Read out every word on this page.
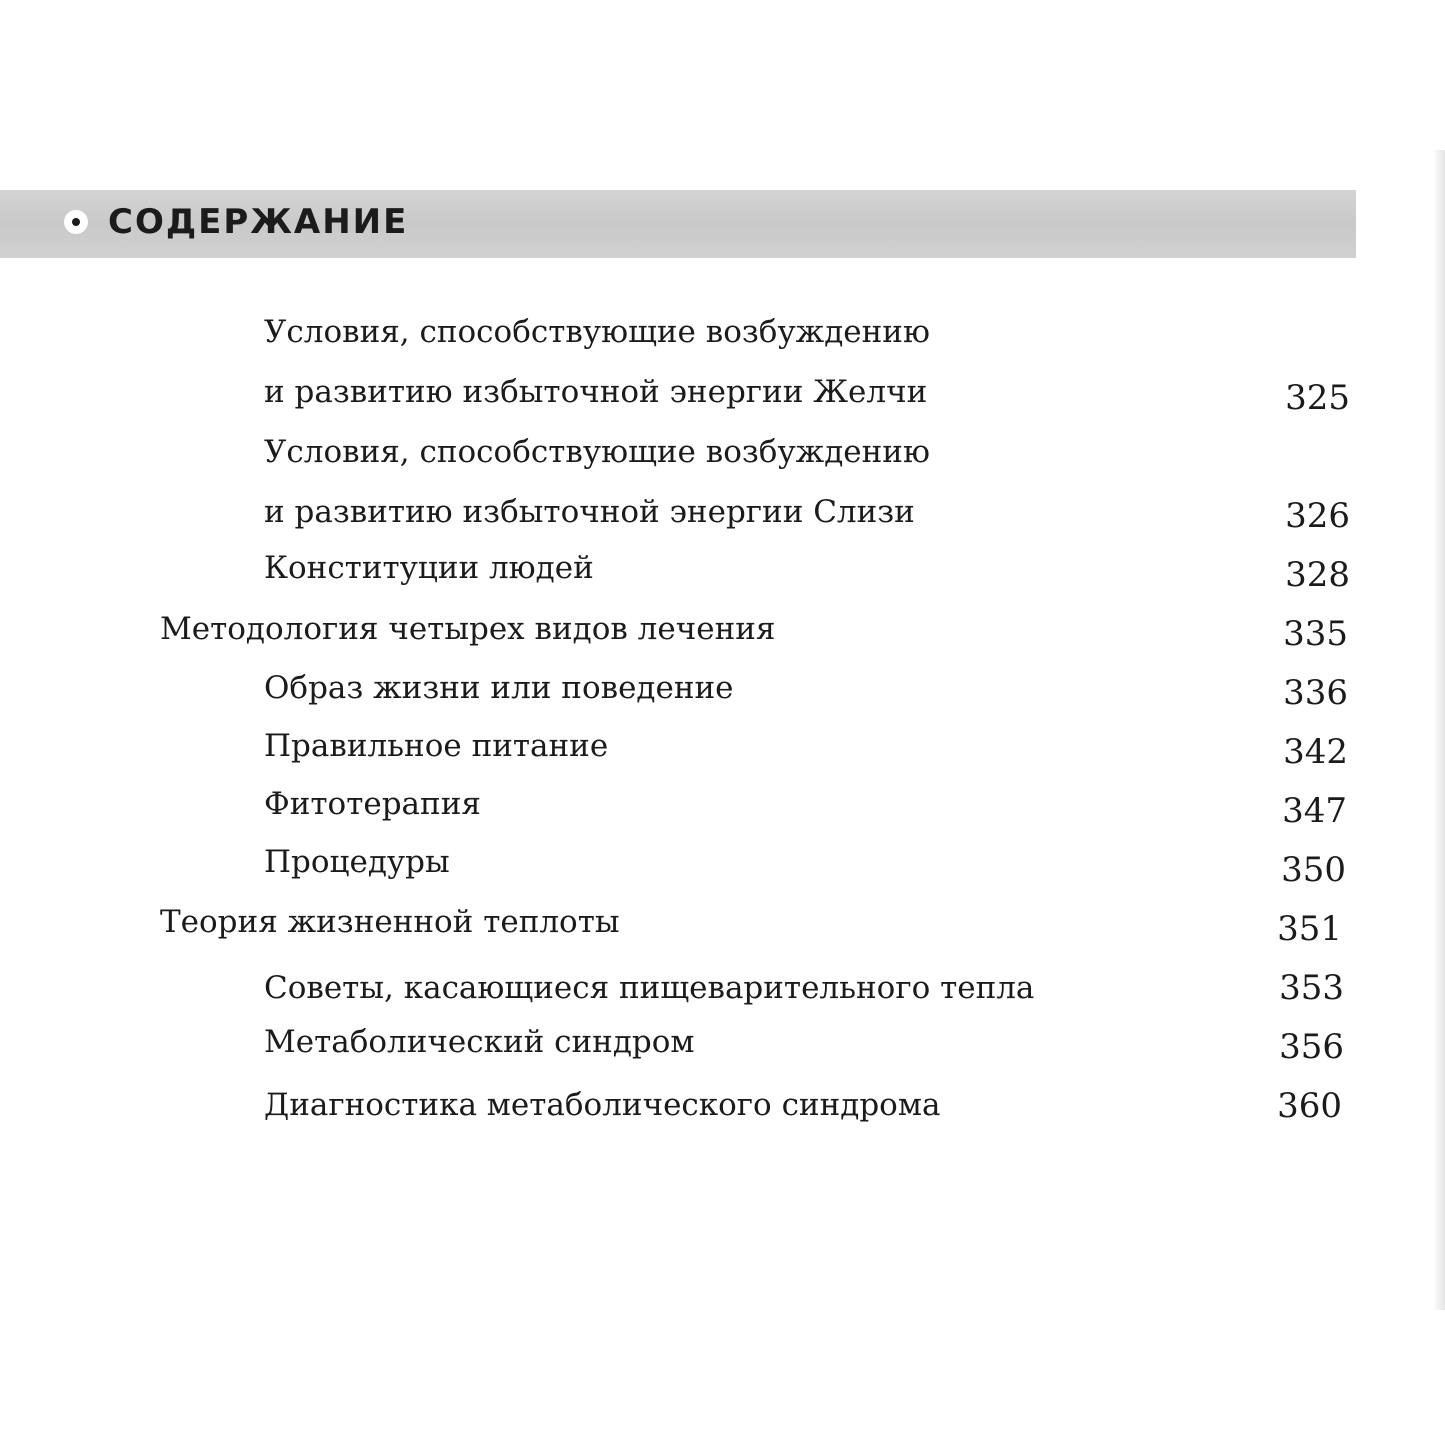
СОДЕРЖАНИЕ
Условия, способствующие возбуждению
и развитию избыточной энергии Желчи	325
Условия, способствующие возбуждению
и развитию избыточной энергии Слизи	326
Конституции людей	328
Методология четырех видов лечения	335
Образ жизни или поведение	336
Правильное питание	342
Фитотерапия	347
Процедуры	350
Теория жизненной теплоты	351
Советы, касающиеся пищеварительного тепла	353
Метаболический синдром	356
Диагностика метаболического синдрома	360
